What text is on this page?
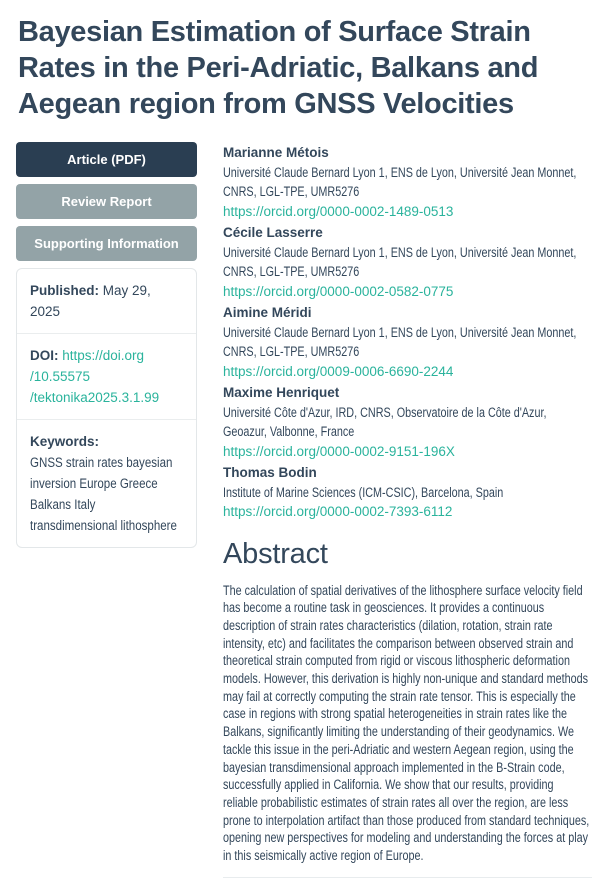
Bayesian Estimation of Surface Strain Rates in the Peri-Adriatic, Balkans and Aegean region from GNSS Velocities
Article (PDF)
Review Report
Supporting Information
Published: May 29, 2025
DOI: https://doi.org
/10.55575
/tektonika2025.3.1.99
Keywords:
GNSS strain rates bayesian inversion Europe Greece Balkans Italy transdimensional lithosphere
Marianne Métois
Université Claude Bernard Lyon 1, ENS de Lyon, Université Jean Monnet, CNRS, LGL-TPE, UMR5276
https://orcid.org/0000-0002-1489-0513
Cécile Lasserre
Université Claude Bernard Lyon 1, ENS de Lyon, Université Jean Monnet, CNRS, LGL-TPE, UMR5276
https://orcid.org/0000-0002-0582-0775
Aimine Méridi
Université Claude Bernard Lyon 1, ENS de Lyon, Université Jean Monnet, CNRS, LGL-TPE, UMR5276
https://orcid.org/0009-0006-6690-2244
Maxime Henriquet
Université Côte d'Azur, IRD, CNRS, Observatoire de la Côte d'Azur, Geoazur, Valbonne, France
https://orcid.org/0000-0002-9151-196X
Thomas Bodin
Institute of Marine Sciences (ICM-CSIC), Barcelona, Spain
https://orcid.org/0000-0002-7393-6112
Abstract

The calculation of spatial derivatives of the lithosphere surface velocity field has become a routine task in geosciences. It provides a continuous description of strain rates characteristics (dilation, rotation, strain rate intensity, etc) and facilitates the comparison between observed strain and theoretical strain computed from rigid or viscous lithospheric deformation models. However, this derivation is highly non-unique and standard methods may fail at correctly computing the strain rate tensor. This is especially the case in regions with strong spatial heterogeneities in strain rates like the Balkans, significantly limiting the understanding of their geodynamics. We tackle this issue in the peri-Adriatic and western Aegean region, using the bayesian transdimensional approach implemented in the B-Strain code, successfully applied in California. We show that our results, providing reliable probabilistic estimates of strain rates all over the region, are less prone to interpolation artifact than those produced from standard techniques, opening new perspectives for modeling and understanding the forces at play in this seismically active region of Europe.
